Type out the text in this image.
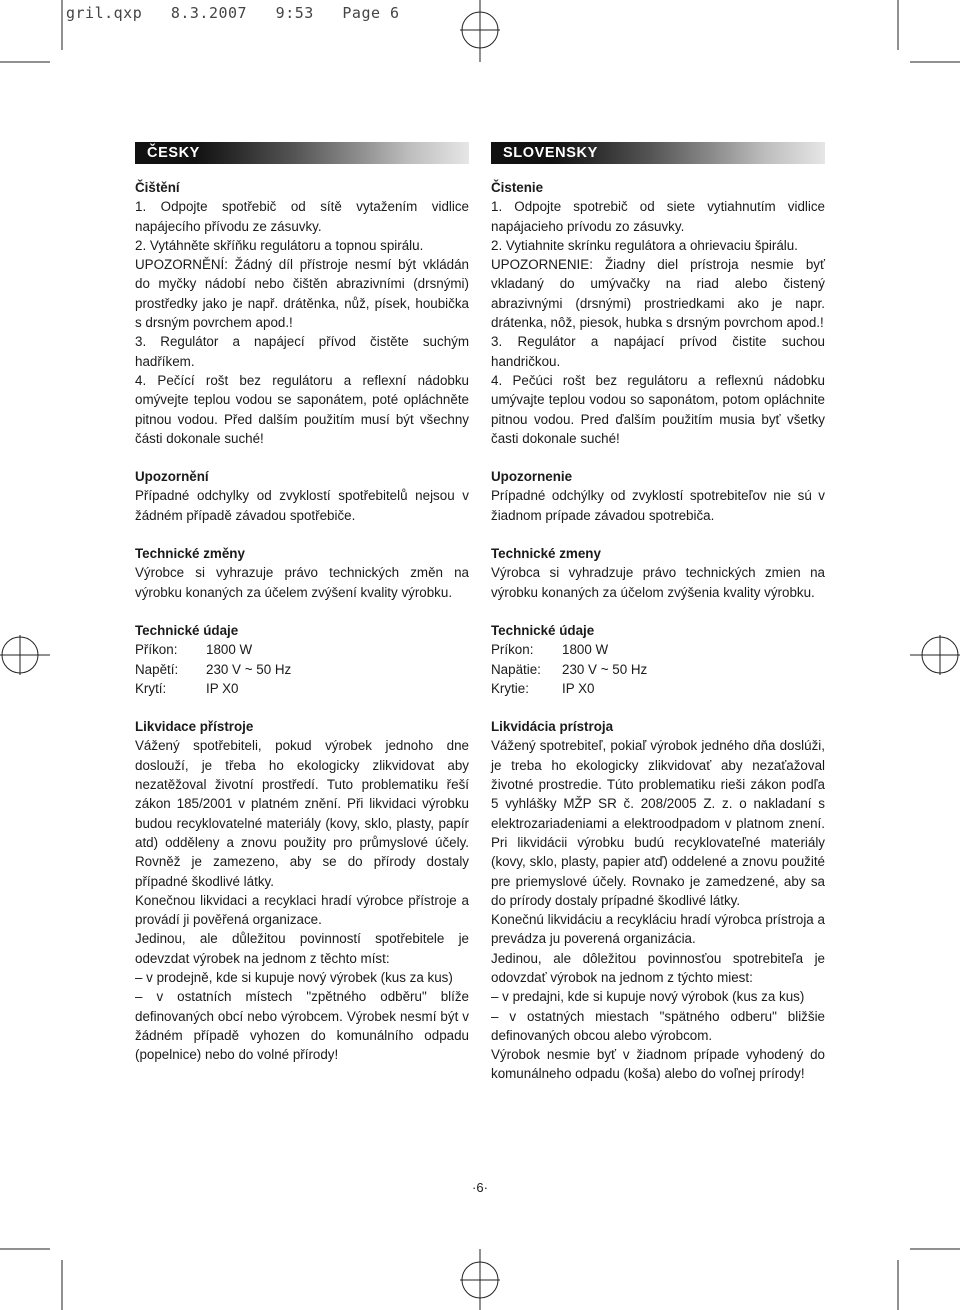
gril.qxp   8.3.2007   9:53   Page 6
ČESKY
Čištění

1. Odpojte spotřebič od sítě vytažením vidlice napájecího přívodu ze zásuvky.

2. Vytáhněte skříňku regulátoru a topnou spirálu.

UPOZORNĚNÍ: Žádný díl přístroje nesmí být vkládán do myčky nádobí nebo čištěn abrazivními (drsnými) prostředky jako je např. drátěnka, nůž, písek, houbička s drsným povrchem apod.!

3. Regulátor a napájecí přívod čistěte suchým hadříkem.

4. Pečící rošt bez regulátoru a reflexní nádobku omývejte teplou vodou se saponátem, poté opláchněte pitnou vodou. Před dalším použitím musí být všechny části dokonale suché!

Upozornění

Případné odchylky od zvyklostí spotřebitelů nejsou v žádném případě závadou spotřebiče.

Technické změny

Výrobce si vyhrazuje právo technických změn na výrobku konaných za účelem zvýšení kvality výrobku.

Technické údaje
Příkon:	1800 W
Napětí:	230 V ~ 50 Hz
Krytí:	IP X0
Likvidace přístroje

Vážený spotřebiteli, pokud výrobek jednoho dne doslouží, je třeba ho ekologicky zlikvidovat aby nezatěžoval životní prostředí. Tuto problematiku řeší zákon 185/2001 v platném znění. Při likvidaci výrobku budou recyklovatelné materiály (kovy, sklo, plasty, papír atd) odděleny a znovu použity pro průmyslové účely. Rovněž je zamezeno, aby se do přírody dostaly případné škodlivé látky.

Konečnou likvidaci a recyklaci hradí výrobce přístroje a provádí ji pověřená organizace.

Jedinou, ale důležitou povinností spotřebitele je odevzdat výrobek na jednom z těchto míst:

– v prodejně, kde si kupuje nový výrobek (kus za kus)

– v ostatních místech "zpětného odběru" blíže definovaných obcí nebo výrobcem. Výrobek nesmí být v žádném případě vyhozen do komunálního odpadu (popelnice) nebo do volné přírody!

SLOVENSKY
Čistenie

1. Odpojte spotrebič od siete vytiahnutím vidlice napájacieho prívodu zo zásuvky.

2. Vytiahnite skrínku regulátora a ohrievaciu špirálu.

UPOZORNENIE: Žiadny diel prístroja nesmie byť vkladaný do umývačky na riad alebo čistený abrazivnými (drsnými) prostriedkami ako je napr. drátenka, nôž, piesok, hubka s drsným povrchom apod.!

3. Regulátor a napájací prívod čistite suchou handričkou.

4. Pečúci rošt bez regulátoru a reflexnú nádobku umývajte teplou vodou so saponátom, potom opláchnite pitnou vodou. Pred ďalším použitím musia byť všetky časti dokonale suché!

Upozornenie

Prípadné odchýlky od zvyklostí spotrebiteľov nie sú v žiadnom prípade závadou spotrebiča.

Technické zmeny

Výrobca si vyhradzuje právo technických zmien na výrobku konaných za účelom zvýšenia kvality výrobku.

Technické údaje
Príkon:	1800 W
Napätie:	230 V ~ 50 Hz
Krytie:	IP X0
Likvidácia prístroja

Vážený spotrebiteľ, pokiaľ výrobok jedného dňa doslúži, je treba ho ekologicky zlikvidovať aby nezaťažoval životné prostredie. Túto problematiku rieši zákon podľa 5 vyhlášky MŽP SR č. 208/2005 Z. z. o nakladaní s elektrozariadeniami a elektroodpadom v platnom znení. Pri likvidácii výrobku budú recyklovateľné materiály (kovy, sklo, plasty, papier atď) oddelené a znovu použité pre priemyslové účely. Rovnako je zamedzené, aby sa do prírody dostaly prípadné škodlivé látky.

Konečnú likvidáciu a recykláciu hradí výrobca prístroja a prevádza ju poverená organizácia.

Jedinou, ale dôležitou povinnosťou spotrebiteľa je odovzdať výrobok na jednom z týchto miest:

– v predajni, kde si kupuje nový výrobok (kus za kus)

– v ostatných miestach "spätného odberu" bližšie definovaných obcou alebo výrobcom.

Výrobok nesmie byť v žiadnom prípade vyhodený do komunálneho odpadu (koša) alebo do voľnej prírody!

·6·
